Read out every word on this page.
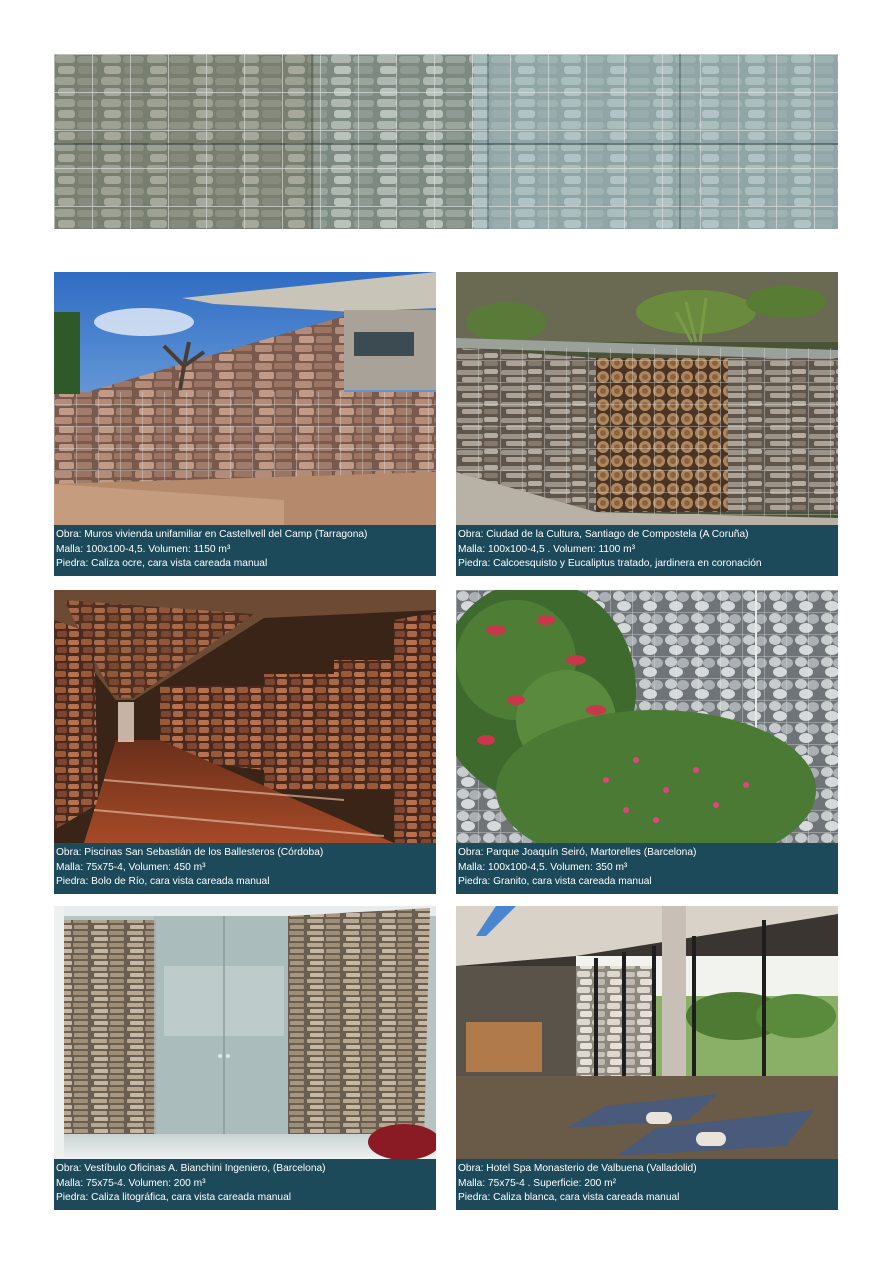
Obra: Muros vivienda unifamiliar en Castellvell del Camp (Tarragona)
Malla: 100x100-4,5. Volumen: 1150 m³
Piedra: Caliza ocre, cara vista careada manual
Obra: Ciudad de la Cultura, Santiago de Compostela (A Coruña)
Malla: 100x100-4,5 . Volumen: 1100 m³
Piedra: Calcoesquisto y Eucaliptus tratado, jardinera en coronación
Obra: Piscinas San Sebastián de los Ballesteros (Córdoba)
Malla: 75x75-4, Volumen: 450 m³
Piedra: Bolo de Río, cara vista careada manual
Obra: Parque Joaquín Seiró, Martorelles (Barcelona)
Malla: 100x100-4,5. Volumen: 350 m³
Piedra: Granito, cara vista careada manual
Obra: Vestíbulo Oficinas A. Bianchini Ingeniero, (Barcelona)
Malla: 75x75-4. Volumen: 200 m³
Piedra: Caliza litográfica, cara vista careada manual
Obra: Hotel Spa Monasterio de Valbuena (Valladolid)
Malla: 75x75-4 . Superficie: 200 m²
Piedra: Caliza blanca, cara vista careada manual
